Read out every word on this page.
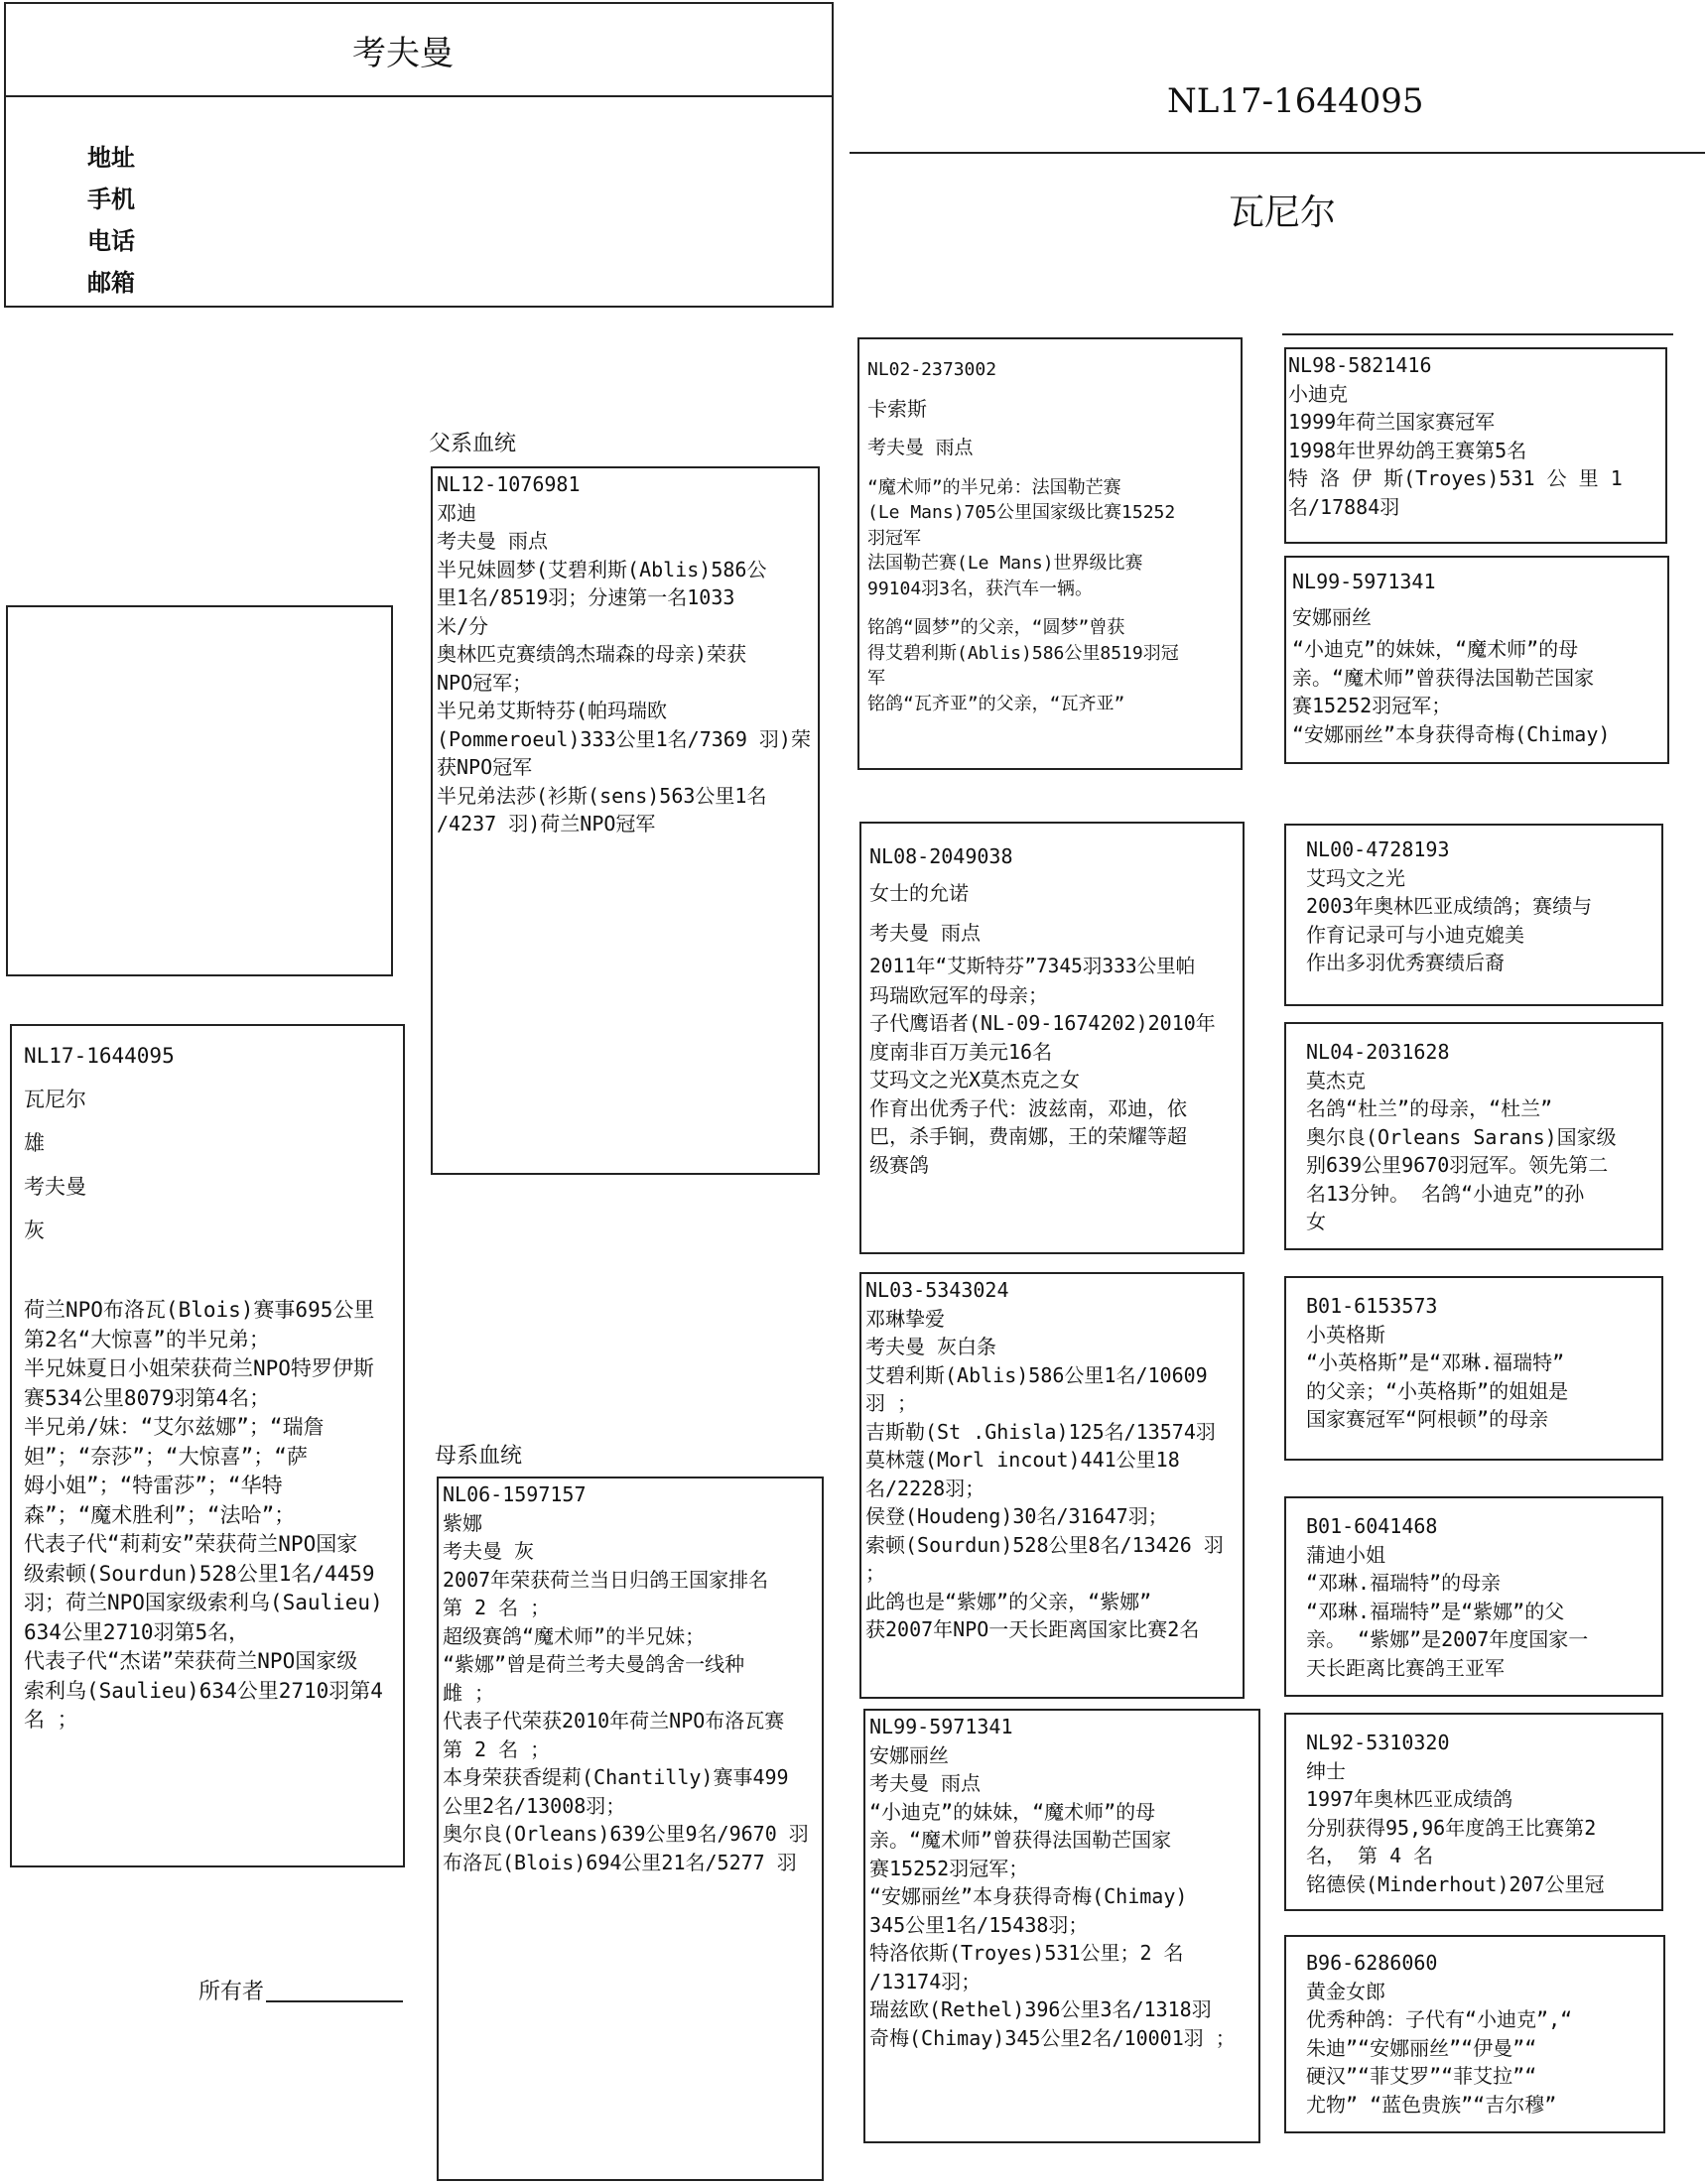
考夫曼
地址
手机
电话
邮箱
NL17-1644095
瓦尼尔
NL17-1644095
瓦尼尔
雄
考夫曼
灰
荷兰NPO布洛瓦(Blois)赛事695公里
第2名“大惊喜”的半兄弟；
半兄妹夏日小姐荣获荷兰NPO特罗伊斯
赛534公里8079羽第4名；
半兄弟/妹：“艾尔兹娜”；“瑞詹
妲”；“奈莎”；“大惊喜”；“萨
姆小姐”；“特雷莎”；“华特
森”；“魔术胜利”；“法哈”；
代表子代“莉莉安”荣获荷兰NPO国家
级索顿(Sourdun)528公里1名/4459
羽；荷兰NPO国家级索利乌(Saulieu)
634公里2710羽第5名，
代表子代“杰诺”荣获荷兰NPO国家级
索利乌(Saulieu)634公里2710羽第4
名 ；
所有者
父系血统
母系血统
NL12-1076981
邓迪
考夫曼 雨点
半兄妹圆梦(艾碧利斯(Ablis)586公
里1名/8519羽；分速第一名1033
米/分
奥林匹克赛绩鸽杰瑞森的母亲)荣获
NPO冠军；
半兄弟艾斯特芬(帕玛瑞欧
(Pommeroeul)333公里1名/7369 羽)荣
获NPO冠军
半兄弟法莎(衫斯(sens)563公里1名
/4237 羽)荷兰NPO冠军
NL06-1597157
紫娜
考夫曼 灰
2007年荣获荷兰当日归鸽王国家排名
第 2 名 ；
超级赛鸽“魔术师”的半兄妹；
“紫娜”曾是荷兰考夫曼鸽舍一线种
雌 ；
代表子代荣获2010年荷兰NPO布洛瓦赛
第 2 名 ；
本身荣获香缇莉(Chantilly)赛事499
公里2名/13008羽；
奥尔良(Orleans)639公里9名/9670 羽
布洛瓦(Blois)694公里21名/5277 羽
NL02-2373002
卡索斯
考夫曼 雨点
“魔术师”的半兄弟：法国勒芒赛
(Le Mans)705公里国家级比赛15252
羽冠军
法国勒芒赛(Le Mans)世界级比赛
99104羽3名，获汽车一辆。
铭鸽“圆梦”的父亲，“圆梦”曾获
得艾碧利斯(Ablis)586公里8519羽冠
军
铭鸽“瓦齐亚”的父亲，“瓦齐亚”
NL08-2049038
女士的允诺
考夫曼 雨点
2011年“艾斯特芬”7345羽333公里帕
玛瑞欧冠军的母亲；
子代鹰语者(NL-09-1674202)2010年
度南非百万美元16名
艾玛文之光X莫杰克之女
作育出优秀子代：波兹南，邓迪，依
巴，杀手锏，费南娜，王的荣耀等超
级赛鸽
NL03-5343024
邓琳挚爱
考夫曼 灰白条
艾碧利斯(Ablis)586公里1名/10609
羽 ；
吉斯勒(St .Ghisla)125名/13574羽
莫林蔻(Morl incout)441公里18
名/2228羽；
侯登(Houdeng)30名/31647羽；
索顿(Sourdun)528公里8名/13426 羽
；
此鸽也是“紫娜”的父亲，“紫娜”
获2007年NPO一天长距离国家比赛2名
NL99-5971341
安娜丽丝
考夫曼 雨点
“小迪克”的妹妹，“魔术师”的母
亲。“魔术师”曾获得法国勒芒国家
赛15252羽冠军；
“安娜丽丝”本身获得奇梅(Chimay)
345公里1名/15438羽；
特洛依斯(Troyes)531公里；2 名
/13174羽；
瑞兹欧(Rethel)396公里3名/1318羽
奇梅(Chimay)345公里2名/10001羽 ；
NL98-5821416
小迪克
1999年荷兰国家赛冠军
1998年世界幼鸽王赛第5名
特 洛 伊 斯(Troyes)531 公 里 1
名/17884羽
NL99-5971341
安娜丽丝
“小迪克”的妹妹，“魔术师”的母
亲。“魔术师”曾获得法国勒芒国家
赛15252羽冠军；
“安娜丽丝”本身获得奇梅(Chimay)
NL00-4728193
艾玛文之光
2003年奥林匹亚成绩鸽；赛绩与
作育记录可与小迪克媲美
作出多羽优秀赛绩后裔
NL04-2031628
莫杰克
名鸽“杜兰”的母亲，“杜兰”
奥尔良(Orleans Sarans)国家级
别639公里9670羽冠军。领先第二
名13分钟。 名鸽“小迪克”的孙
女
B01-6153573
小英格斯
“小英格斯”是“邓琳.福瑞特”
的父亲；“小英格斯”的姐姐是
国家赛冠军“阿根顿”的母亲
B01-6041468
蒲迪小姐
“邓琳.福瑞特”的母亲
“邓琳.福瑞特”是“紫娜”的父
亲。 “紫娜”是2007年度国家一
天长距离比赛鸽王亚军
NL92-5310320
绅士
1997年奥林匹亚成绩鸽
分别获得95,96年度鸽王比赛第2
名， 第 4 名
铭德侯(Minderhout)207公里冠
B96-6286060
黄金女郎
优秀种鸽：子代有“小迪克”,“
朱迪”“安娜丽丝”“伊曼”“
硬汉”“菲艾罗”“菲艾拉”“
尤物” “蓝色贵族”“吉尔穆”
